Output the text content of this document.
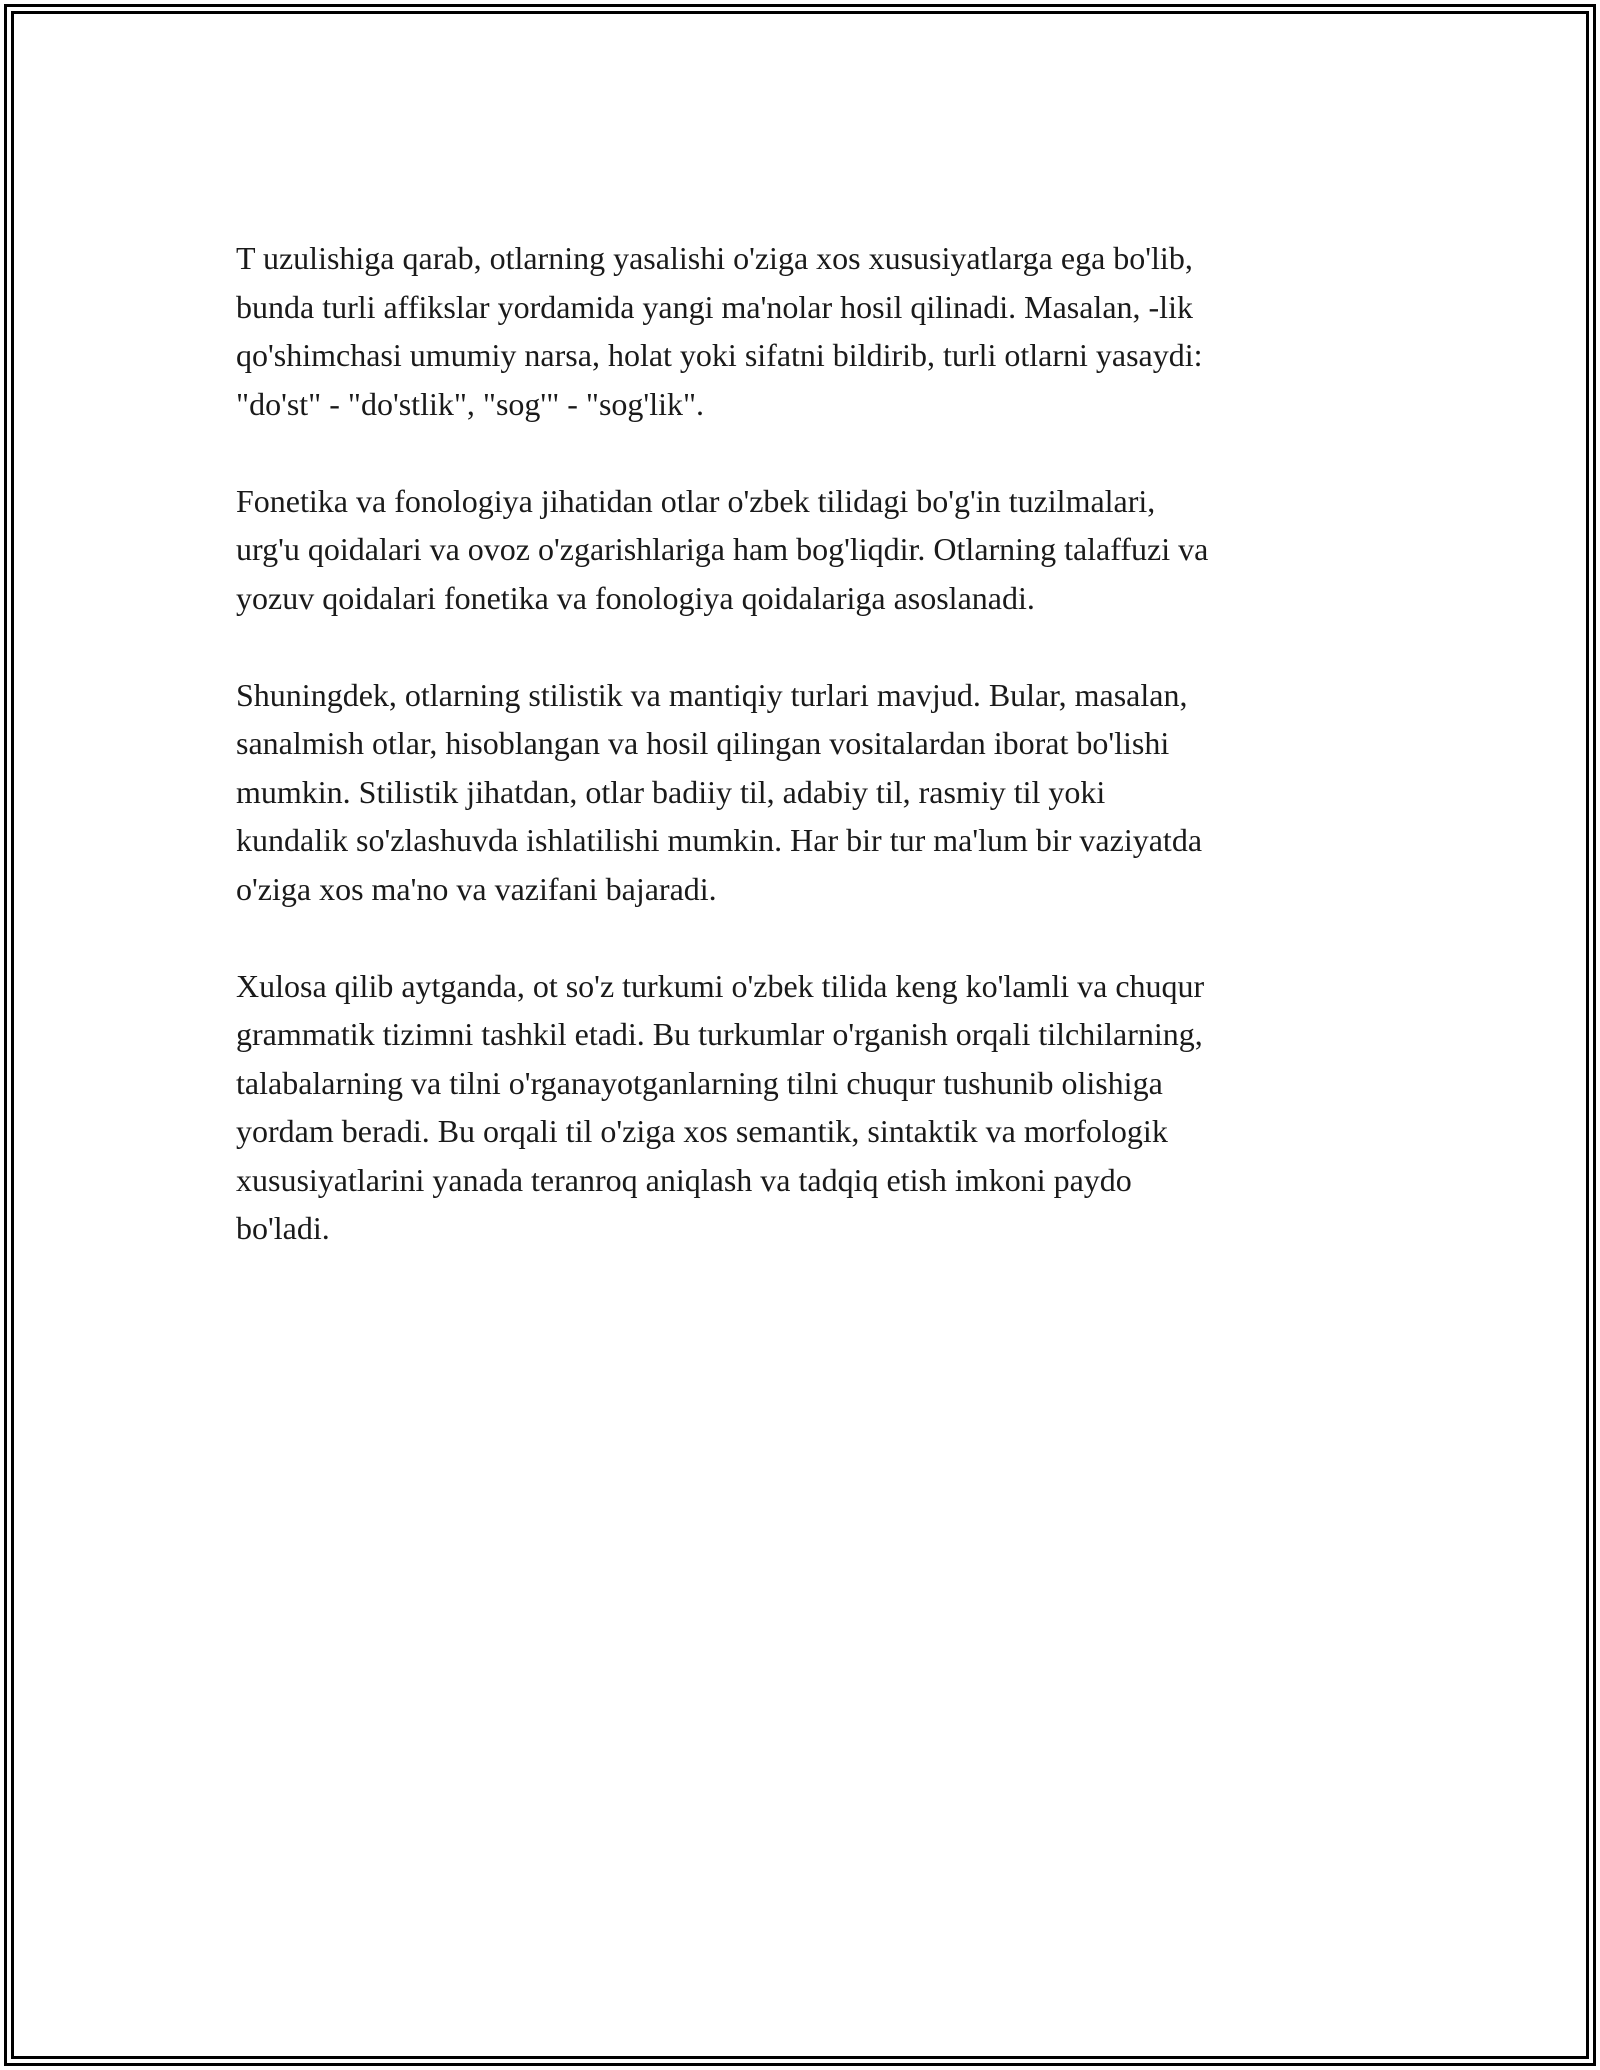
T uzulishiga qarab, otlarning yasalishi o'ziga xos xususiyatlarga ega bo'lib,
bunda turli affikslar yordamida yangi ma'nolar hosil qilinadi. Masalan, -lik
qo'shimchasi umumiy narsa, holat yoki sifatni bildirib, turli otlarni yasaydi:
"do'st" - "do'stlik", "sog'" - "sog'lik".

Fonetika va fonologiya jihatidan otlar o'zbek tilidagi bo'g'in tuzilmalari,
urg'u qoidalari va ovoz o'zgarishlariga ham bog'liqdir. Otlarning talaffuzi va
yozuv qoidalari fonetika va fonologiya qoidalariga asoslanadi.

Shuningdek, otlarning stilistik va mantiqiy turlari mavjud. Bular, masalan,
sanalmish otlar, hisoblangan va hosil qilingan vositalardan iborat bo'lishi
mumkin. Stilistik jihatdan, otlar badiiy til, adabiy til, rasmiy til yoki
kundalik so'zlashuvda ishlatilishi mumkin. Har bir tur ma'lum bir vaziyatda
o'ziga xos ma'no va vazifani bajaradi.

Xulosa qilib aytganda, ot so'z turkumi o'zbek tilida keng ko'lamli va chuqur
grammatik tizimni tashkil etadi. Bu turkumlar o'rganish orqali tilchilarning,
talabalarning va tilni o'rganayotganlarning tilni chuqur tushunib olishiga
yordam beradi. Bu orqali til o'ziga xos semantik, sintaktik va morfologik
xususiyatlarini yanada teranroq aniqlash va tadqiq etish imkoni paydo
bo'ladi.
